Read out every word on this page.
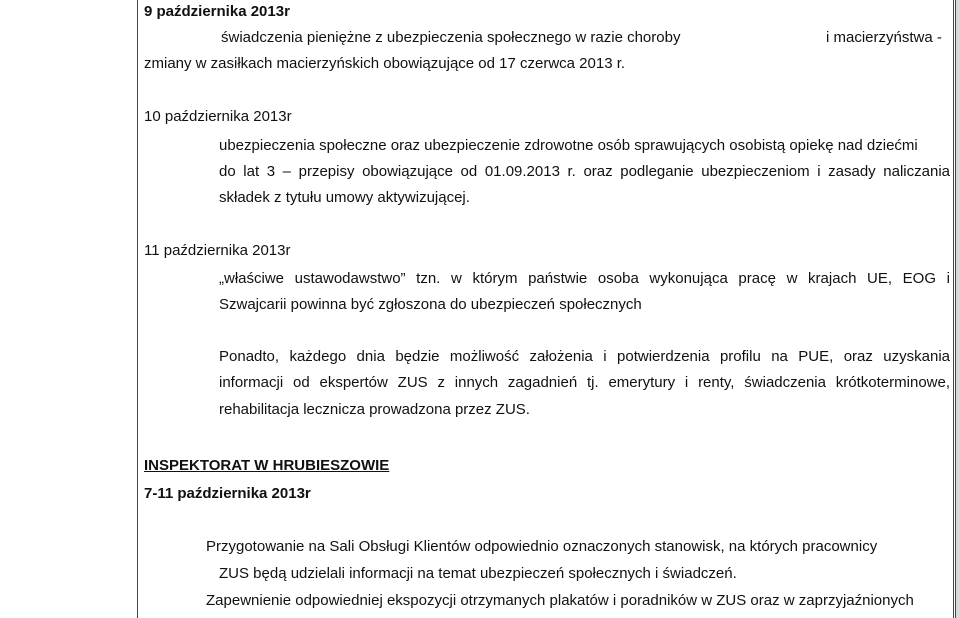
9 października 2013r
świadczenia pieniężne z ubezpieczenia społecznego w razie choroby	i macierzyństwa -
zmiany w zasiłkach macierzyńskich obowiązujące od 17 czerwca 2013 r.
10 października 2013r
ubezpieczenia społeczne oraz ubezpieczenie zdrowotne osób sprawujących osobistą opiekę nad dziećmi
do lat 3 – przepisy obowiązujące od 01.09.2013 r. oraz podleganie ubezpieczeniom i zasady naliczania
składek z tytułu umowy aktywizującej.
11 października 2013r
„właściwe ustawodawstwo” tzn. w którym państwie osoba wykonująca pracę w krajach UE, EOG i
Szwajcarii powinna być zgłoszona do ubezpieczeń społecznych
Ponadto, każdego dnia będzie możliwość założenia i potwierdzenia profilu na PUE, oraz uzyskania
informacji od ekspertów ZUS z innych zagadnień tj. emerytury i renty, świadczenia krótkoterminowe,
rehabilitacja lecznicza prowadzona przez ZUS.
INSPEKTORAT W HRUBIESZOWIE
7-11 października 2013r
Przygotowanie na Sali Obsługi Klientów odpowiednio oznaczonych stanowisk, na których pracownicy
ZUS będą udzielali informacji na temat ubezpieczeń społecznych i świadczeń.
Zapewnienie odpowiedniej ekspozycji otrzymanych plakatów i poradników w ZUS oraz w zaprzyjaźnionych
